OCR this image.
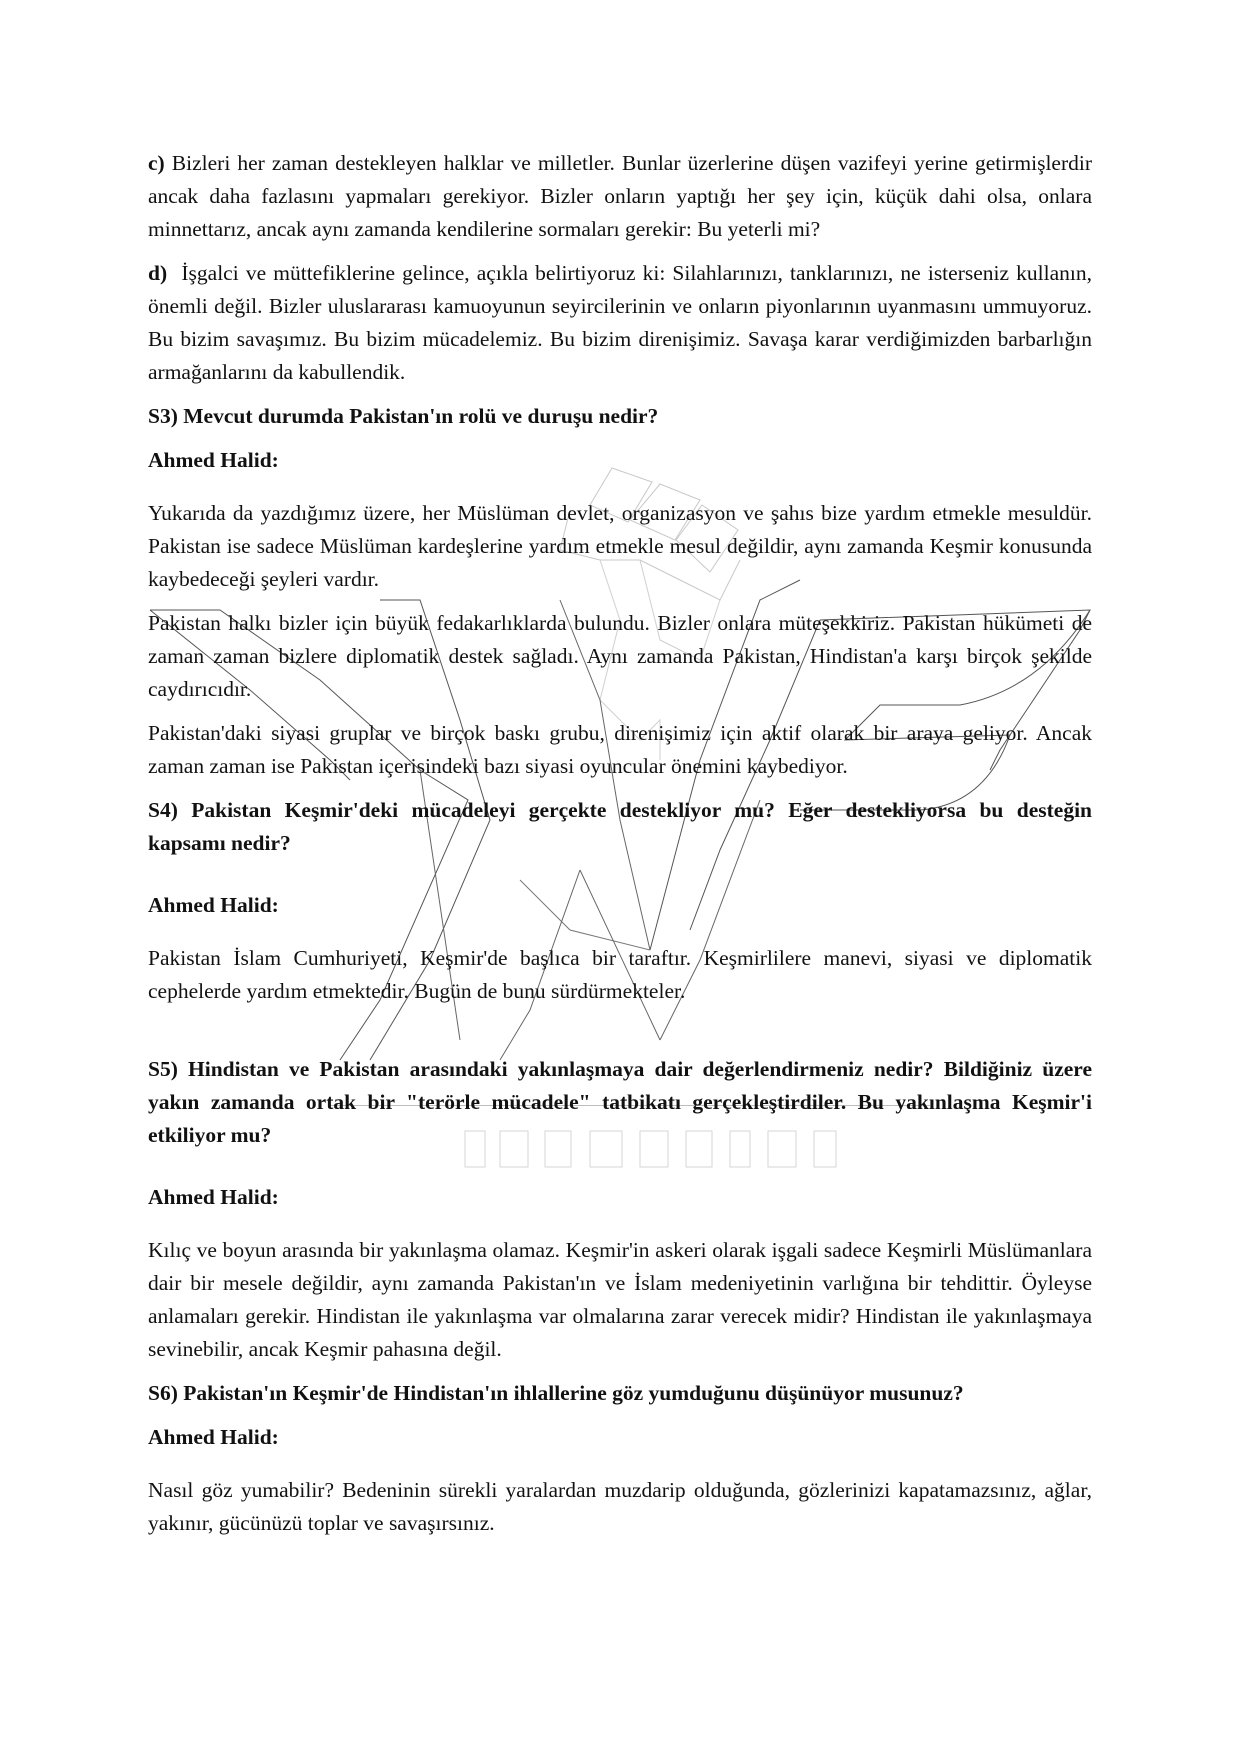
c) Bizleri her zaman destekleyen halklar ve milletler. Bunlar üzerlerine düşen vazifeyi yerine getirmişlerdir ancak daha fazlasını yapmaları gerekiyor. Bizler onların yaptığı her şey için, küçük dahi olsa, onlara minnettarız, ancak aynı zamanda kendilerine sormaları gerekir: Bu yeterli mi?

d) İşgalci ve müttefiklerine gelince, açıkla belirtiyoruz ki: Silahlarınızı, tanklarınızı, ne isterseniz kullanın, önemli değil. Bizler uluslararası kamuoyunun seyircilerinin ve onların piyonlarının uyanmasını ummuyoruz. Bu bizim savaşımız. Bu bizim mücadelemiz. Bu bizim direnişimiz. Savaşa karar verdiğimizden barbarlığın armağanlarını da kabullendik.

S3) Mevcut durumda Pakistan'ın rolü ve duruşu nedir?

Ahmed Halid:

Yukarıda da yazdığımız üzere, her Müslüman devlet, organizasyon ve şahıs bize yardım etmekle mesuldür. Pakistan ise sadece Müslüman kardeşlerine yardım etmekle mesul değildir, aynı zamanda Keşmir konusunda kaybedeceği şeyleri vardır.

Pakistan halkı bizler için büyük fedakarlıklarda bulundu. Bizler onlara müteşekkiriz. Pakistan hükümeti de zaman zaman bizlere diplomatik destek sağladı. Aynı zamanda Pakistan, Hindistan'a karşı birçok şekilde caydırıcıdır.

Pakistan'daki siyasi gruplar ve birçok baskı grubu, direnişimiz için aktif olarak bir araya geliyor. Ancak zaman zaman ise Pakistan içerisindeki bazı siyasi oyuncular önemini kaybediyor.

S4) Pakistan Keşmir'deki mücadeleyi gerçekte destekliyor mu? Eğer destekliyorsa bu desteğin kapsamı nedir?

Ahmed Halid:

Pakistan İslam Cumhuriyeti, Keşmir'de başlıca bir taraftır. Keşmirlilere manevi, siyasi ve diplomatik cephelerde yardım etmektedir. Bugün de bunu sürdürmekteler.

S5) Hindistan ve Pakistan arasındaki yakınlaşmaya dair değerlendirmeniz nedir? Bildiğiniz üzere yakın zamanda ortak bir "terörle mücadele" tatbikatı gerçekleştirdiler. Bu yakınlaşma Keşmir'i etkiliyor mu?

Ahmed Halid:

Kılıç ve boyun arasında bir yakınlaşma olamaz. Keşmir'in askeri olarak işgali sadece Keşmirli Müslümanlara dair bir mesele değildir, aynı zamanda Pakistan'ın ve İslam medeniyetinin varlığına bir tehdittir. Öyleyse anlamaları gerekir. Hindistan ile yakınlaşma var olmalarına zarar verecek midir? Hindistan ile yakınlaşmaya sevinebilir, ancak Keşmir pahasına değil.

S6) Pakistan'ın Keşmir'de Hindistan'ın ihlallerine göz yumduğunu düşünüyor musunuz?

Ahmed Halid:

Nasıl göz yumabilir? Bedeninin sürekli yaralardan muzdarip olduğunda, gözlerinizi kapatamazsınız, ağlar, yakınır, gücünüzü toplar ve savaşırsınız.
